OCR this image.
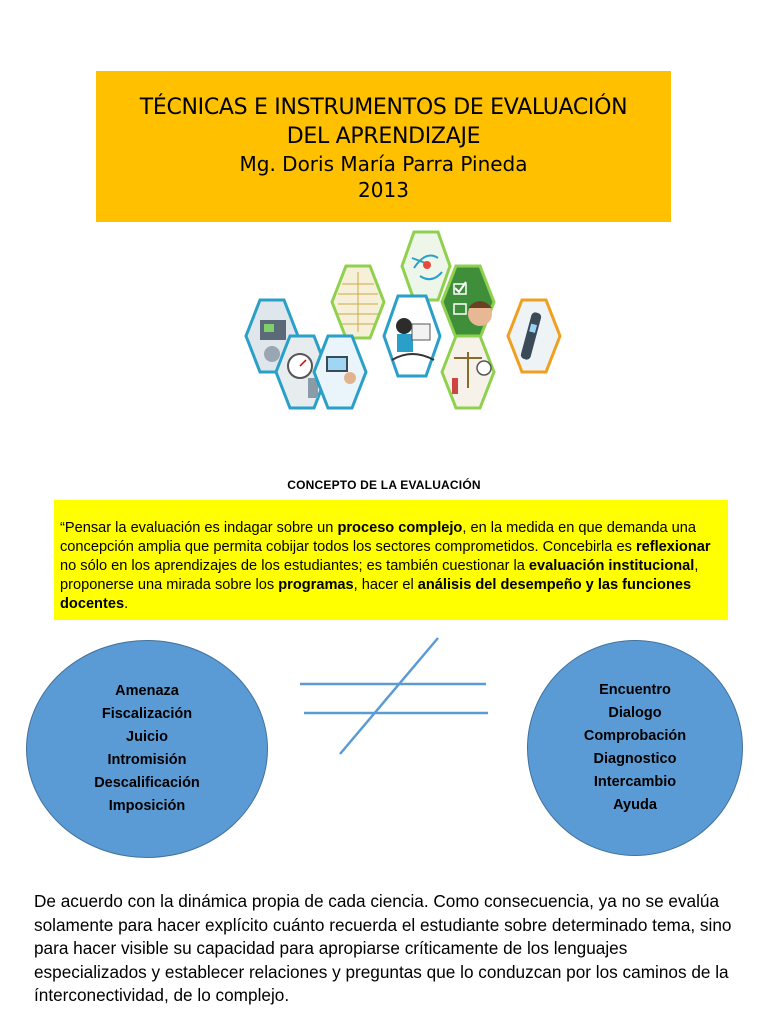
TÉCNICAS E INSTRUMENTOS DE EVALUACIÓN
DEL APRENDIZAJE
Mg. Doris María Parra Pineda
2013
CONCEPTO DE LA EVALUACIÓN
“Pensar la evaluación es indagar sobre un proceso complejo, en la medida en que demanda una concepción amplia que permita cobijar todos los sectores comprometidos. Concebirla es reflexionar no sólo en los aprendizajes de los estudiantes; es también cuestionar la evaluación institucional, proponerse una mirada sobre los programas, hacer el análisis del desempeño y las funciones docentes.
Amenaza
Fiscalización
Juicio
Intromisión
Descalificación
Imposición
Encuentro
Dialogo
Comprobación
Diagnostico
Intercambio
Ayuda
De acuerdo con la dinámica propia de cada ciencia. Como consecuencia, ya no se evalúa solamente para hacer explícito cuánto recuerda el estudiante sobre determinado tema, sino para hacer visible su capacidad para apropiarse críticamente de los lenguajes especializados y establecer relaciones y preguntas que lo conduzcan por los caminos de la ínterconectividad, de lo complejo.
